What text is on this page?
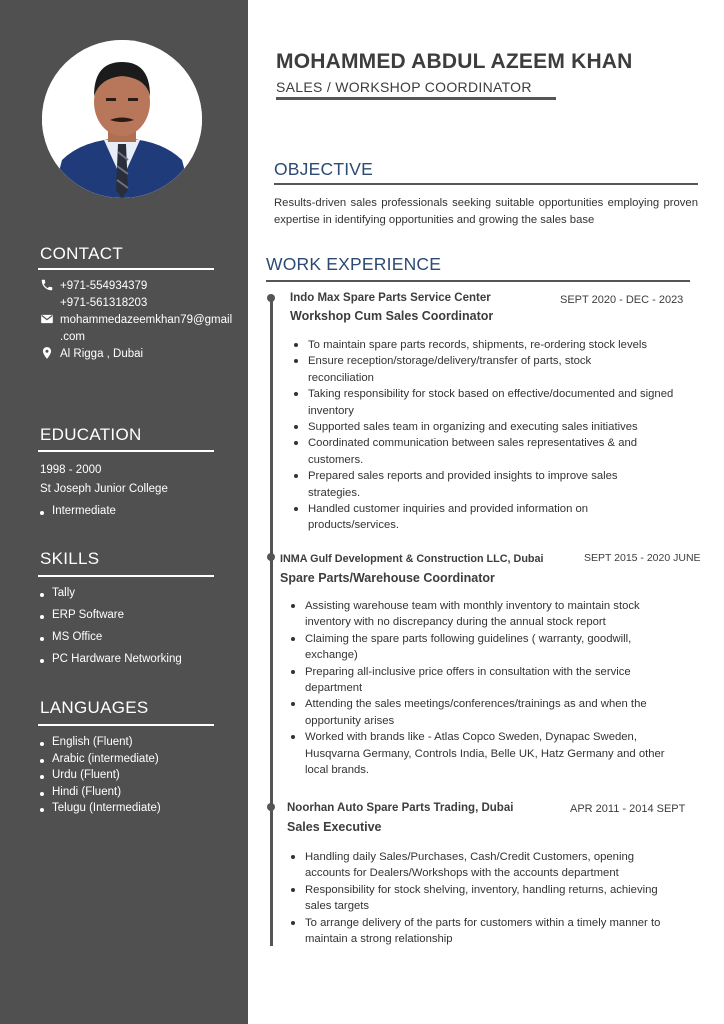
CONTACT
+971-554934379
+971-561318203
mohammedazeemkhan79@gmail
.com
Al Rigga , Dubai
EDUCATION
1998 - 2000
St Joseph Junior College
Intermediate
SKILLS
Tally
ERP Software
MS Office
PC Hardware Networking
LANGUAGES
English (Fluent)
Arabic (intermediate)
Urdu (Fluent)
Hindi (Fluent)
Telugu (Intermediate)
MOHAMMED ABDUL AZEEM KHAN
SALES / WORKSHOP COORDINATOR
OBJECTIVE
Results-driven sales professionals seeking suitable opportunities employing proven expertise in identifying opportunities and growing the sales base
WORK EXPERIENCE
Indo Max Spare Parts Service Center	SEPT 2020 - DEC - 2023
Workshop Cum Sales Coordinator
To maintain spare parts records, shipments, re-ordering stock levels
Ensure reception/storage/delivery/transfer of parts, stock reconciliation
Taking responsibility for stock based on effective/documented and signed inventory
Supported sales team in organizing and executing sales initiatives
Coordinated communication between sales representatives & and customers.
Prepared sales reports and provided insights to improve sales strategies.
Handled customer inquiries and provided information on products/services.
INMA Gulf Development & Construction LLC, Dubai	SEPT 2015 - 2020 JUNE
Spare Parts/Warehouse Coordinator
Assisting warehouse team with monthly inventory to maintain stock inventory with no discrepancy during the annual stock report
Claiming the spare parts following guidelines ( warranty, goodwill, exchange)
Preparing all-inclusive price offers in consultation with the service department
Attending the sales meetings/conferences/trainings as and when the opportunity arises
Worked with brands like - Atlas Copco Sweden, Dynapac Sweden, Husqvarna Germany, Controls India, Belle UK, Hatz Germany and other local brands.
Noorhan Auto Spare Parts Trading, Dubai	APR 2011 - 2014 SEPT
Sales Executive
Handling daily Sales/Purchases, Cash/Credit Customers, opening accounts for Dealers/Workshops with the accounts department
Responsibility for stock shelving, inventory, handling returns, achieving sales targets
To arrange delivery of the parts for customers within a timely manner to maintain a strong relationship
